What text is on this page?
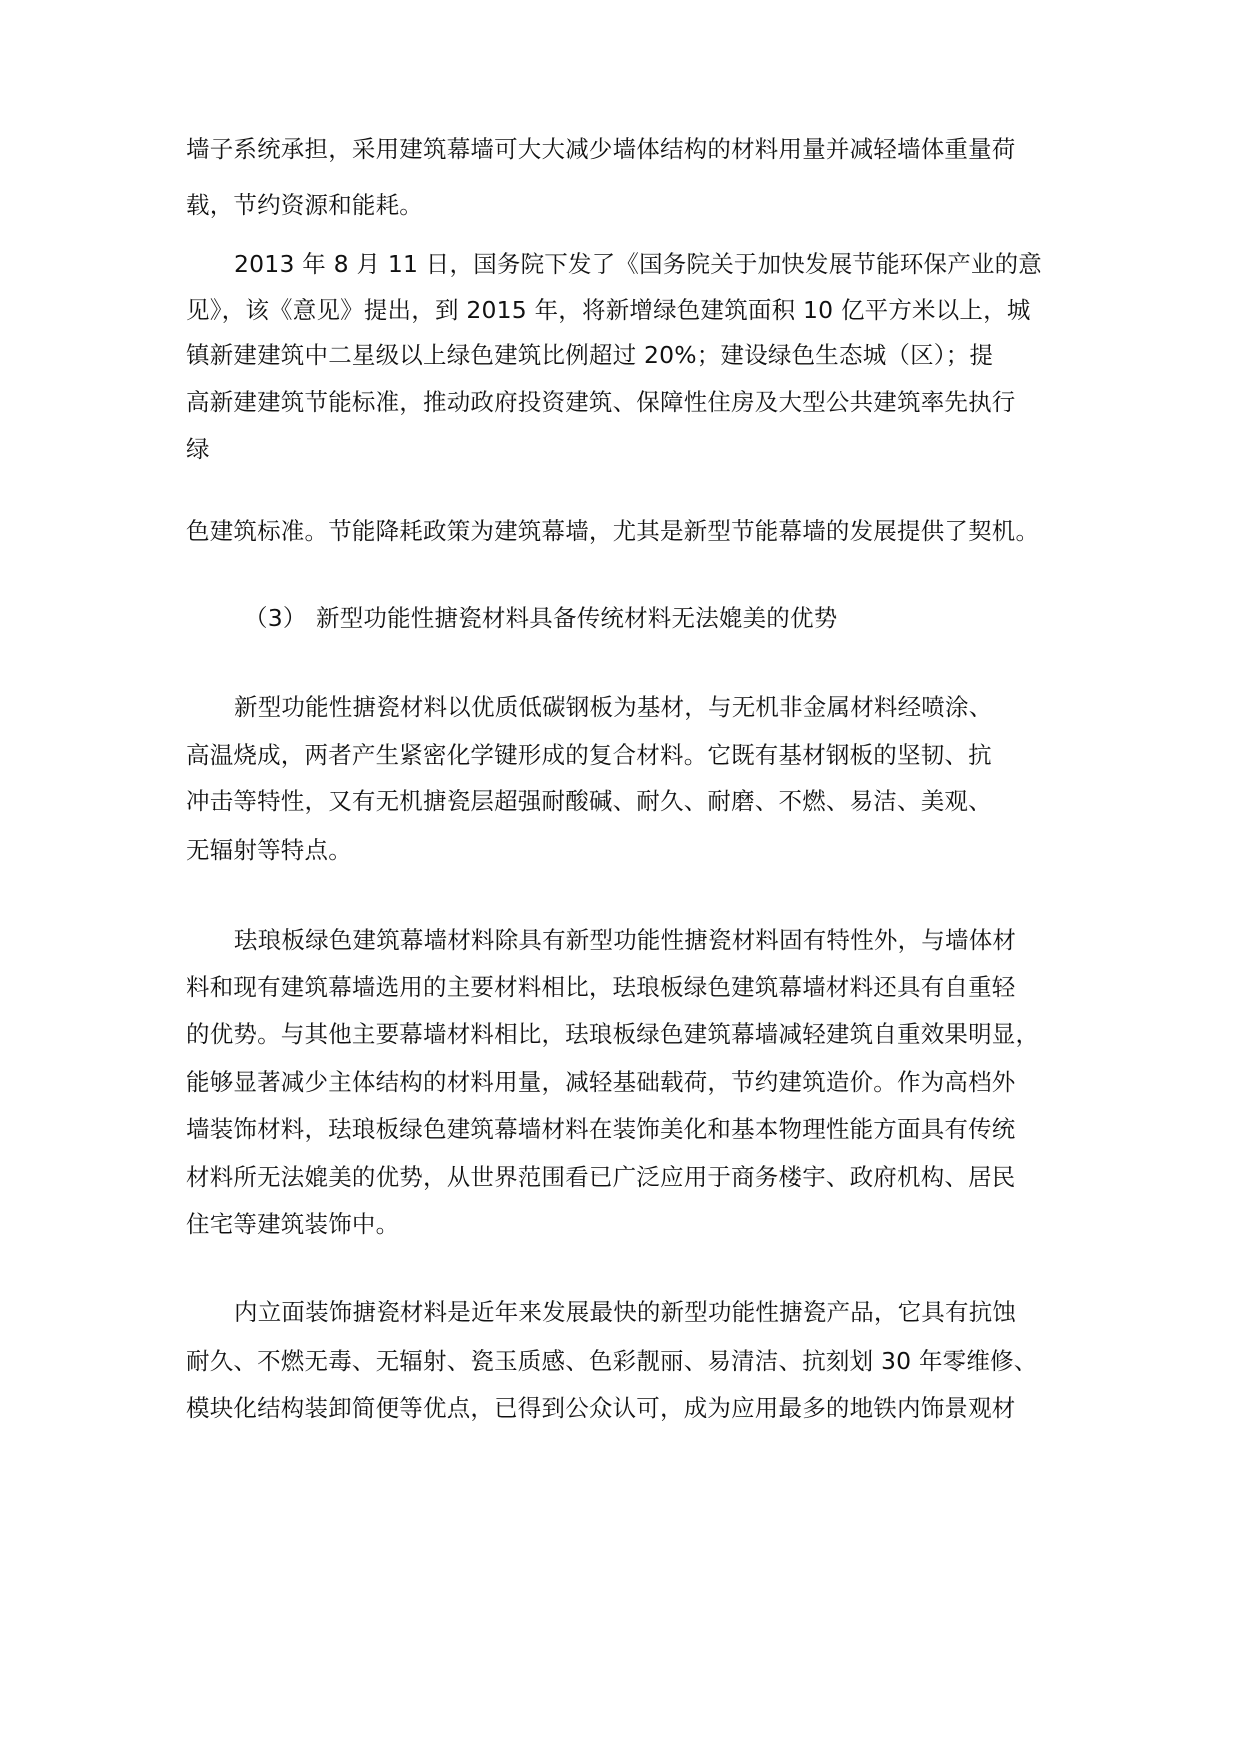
墙子系统承担，采用建筑幕墙可大大减少墙体结构的材料用量并减轻墙体重量荷
载，节约资源和能耗。
2013 年 8 月 11 日，国务院下发了《国务院关于加快发展节能环保产业的意
见》，该《意见》提出，到 2015 年，将新增绿色建筑面积 10 亿平方米以上，城
镇新建建筑中二星级以上绿色建筑比例超过 20%；建设绿色生态城（区）；提
高新建建筑节能标准，推动政府投资建筑、保障性住房及大型公共建筑率先执行
绿
色建筑标准。节能降耗政策为建筑幕墙，尤其是新型节能幕墙的发展提供了契机。
（3） 新型功能性搪瓷材料具备传统材料无法媲美的优势
新型功能性搪瓷材料以优质低碳钢板为基材，与无机非金属材料经喷涂、
高温烧成，两者产生紧密化学键形成的复合材料。它既有基材钢板的坚韧、抗
冲击等特性，又有无机搪瓷层超强耐酸碱、耐久、耐磨、不燃、易洁、美观、
无辐射等特点。
珐琅板绿色建筑幕墙材料除具有新型功能性搪瓷材料固有特性外，与墙体材
料和现有建筑幕墙选用的主要材料相比，珐琅板绿色建筑幕墙材料还具有自重轻
的优势。与其他主要幕墙材料相比，珐琅板绿色建筑幕墙减轻建筑自重效果明显，
能够显著减少主体结构的材料用量，减轻基础载荷，节约建筑造价。作为高档外
墙装饰材料，珐琅板绿色建筑幕墙材料在装饰美化和基本物理性能方面具有传统
材料所无法媲美的优势，从世界范围看已广泛应用于商务楼宇、政府机构、居民
住宅等建筑装饰中。
内立面装饰搪瓷材料是近年来发展最快的新型功能性搪瓷产品，它具有抗蚀
耐久、不燃无毒、无辐射、瓷玉质感、色彩靓丽、易清洁、抗刻划 30 年零维修、
模块化结构装卸简便等优点，已得到公众认可，成为应用最多的地铁内饰景观材
